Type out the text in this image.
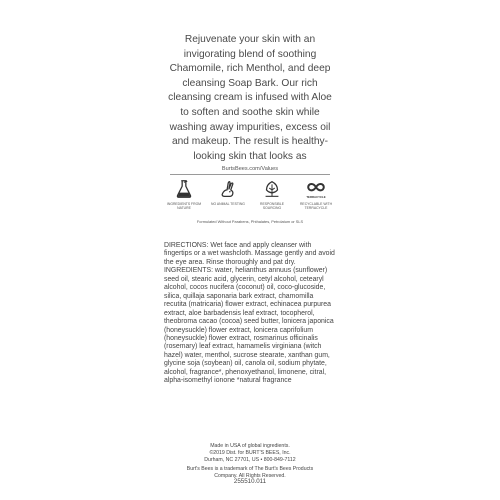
Rejuvenate your skin with an invigorating blend of soothing Chamomile, rich Menthol, and deep cleansing Soap Bark. Our rich cleansing cream is infused with Aloe to soften and soothe skin while washing away impurities, excess oil and makeup. The result is healthy-looking skin that looks as

BurtsBees.com/Values
INGREDIENTS FROM NATURE
NO ANIMAL TESTING	RESPONSIBLE SOURCING
TERRACYCLE
RECYCLABLE WITH TERRACYCLE
Formulated Without Parabens, Phthalates, Petrolatum or SLS

DIRECTIONS: Wet face and apply cleanser with fingertips or a wet washcloth. Massage gently and avoid the eye area. Rinse thoroughly and pat dry.

INGREDIENTS: water, helianthus annuus (sunflower) seed oil, stearic acid, glycerin, cetyl alcohol, cetearyl alcohol, cocos nucifera (coconut) oil, coco-glucoside, silica, quillaja saponaria bark extract, chamomilla recutita (matricaria) flower extract, echinacea purpurea extract, aloe barbadensis leaf extract, tocopherol, theobroma cacao (cocoa) seed butter, lonicera japonica (honeysuckle) flower extract, lonicera caprifolium (honeysuckle) flower extract, rosmarinus officinalis (rosemary) leaf extract, hamamelis virginiana (witch hazel) water, menthol, sucrose stearate, xanthan gum, glycine soja (soybean) oil, canola oil, sodium phytate, alcohol, fragrance*, phenoxyethanol, limonene, citral, alpha-isomethyl ionone *natural fragrance

Made in USA of global ingredients.

©2019 Dist. for BURT'S BEES, Inc.

Durham, NC 27701, US • 800-849-7112

Burt's Bees is a trademark of The Burt's Bees Products Company. All Rights Reserved.

255510.011
